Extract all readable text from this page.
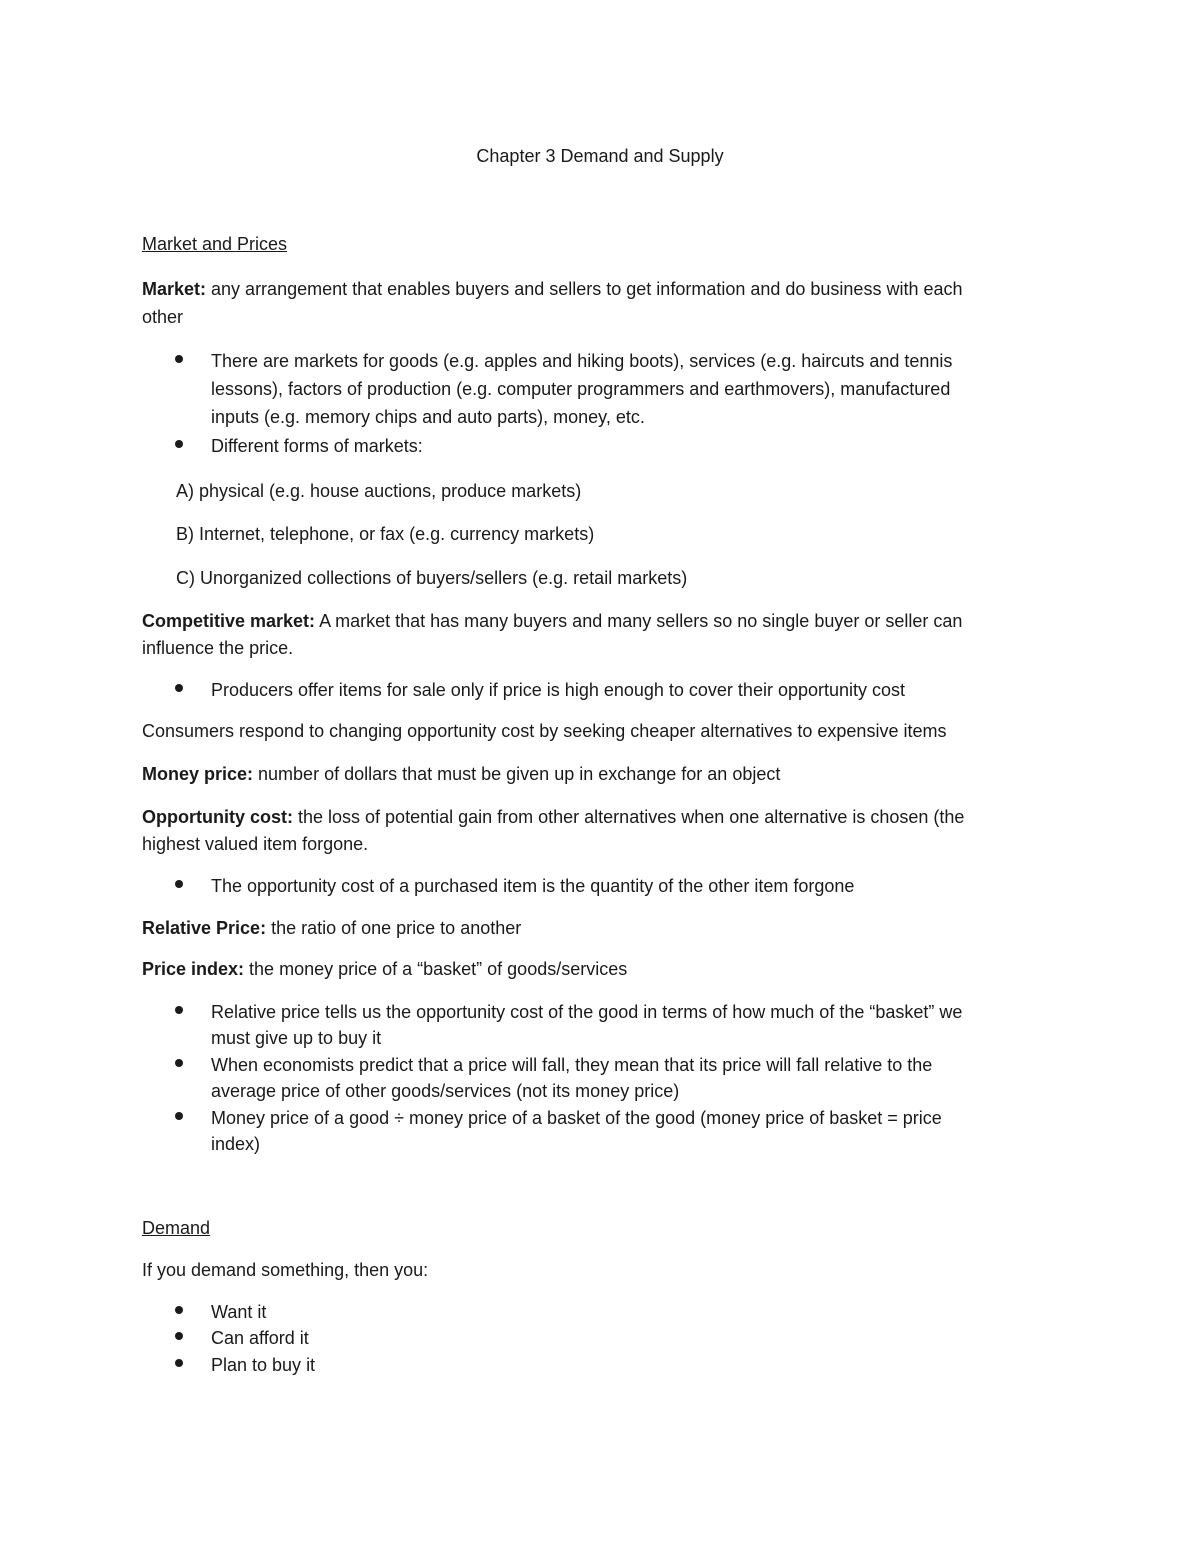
Chapter 3 Demand and Supply
Market and Prices
Market: any arrangement that enables buyers and sellers to get information and do business with each
other
There are markets for goods (e.g. apples and hiking boots), services (e.g. haircuts and tennis
lessons), factors of production (e.g. computer programmers and earthmovers), manufactured
inputs (e.g. memory chips and auto parts), money, etc.
Different forms of markets:
A) physical (e.g. house auctions, produce markets)
B) Internet, telephone, or fax (e.g. currency markets)
C) Unorganized collections of buyers/sellers (e.g. retail markets)
Competitive market: A market that has many buyers and many sellers so no single buyer or seller can
influence the price.
Producers offer items for sale only if price is high enough to cover their opportunity cost
Consumers respond to changing opportunity cost by seeking cheaper alternatives to expensive items
Money price: number of dollars that must be given up in exchange for an object
Opportunity cost: the loss of potential gain from other alternatives when one alternative is chosen (the
highest valued item forgone.
The opportunity cost of a purchased item is the quantity of the other item forgone
Relative Price: the ratio of one price to another
Price index: the money price of a “basket” of goods/services
Relative price tells us the opportunity cost of the good in terms of how much of the “basket” we
must give up to buy it
When economists predict that a price will fall, they mean that its price will fall relative to the
average price of other goods/services (not its money price)
Money price of a good ÷ money price of a basket of the good (money price of basket = price
index)
Demand
If you demand something, then you:
Want it
Can afford it
Plan to buy it
